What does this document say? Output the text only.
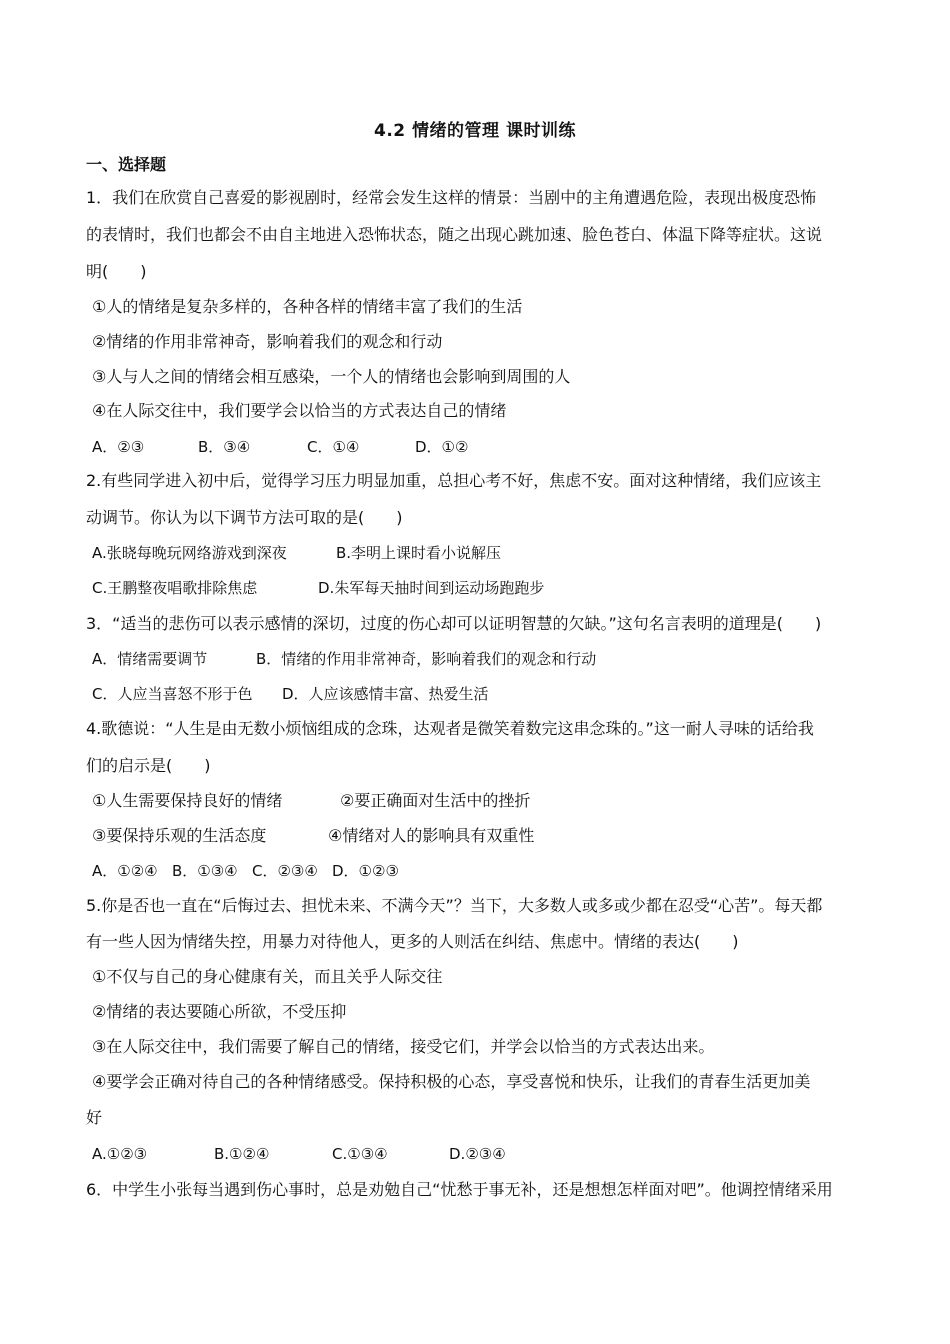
4.2 情绪的管理 课时训练
一、选择题
1．我们在欣赏自己喜爱的影视剧时，经常会发生这样的情景：当剧中的主角遭遇危险，表现出极度恐怖
的表情时，我们也都会不由自主地进入恐怖状态，随之出现心跳加速、脸色苍白、体温下降等症状。这说
明(　　)
①人的情绪是复杂多样的，各种各样的情绪丰富了我们的生活
②情绪的作用非常神奇，影响着我们的观念和行动
③人与人之间的情绪会相互感染，一个人的情绪也会影响到周围的人
④在人际交往中，我们要学会以恰当的方式表达自己的情绪
A．②③	B．③④	C．①④	D．①②
2.有些同学进入初中后，觉得学习压力明显加重，总担心考不好，焦虑不安。面对这种情绪，我们应该主
动调节。你认为以下调节方法可取的是(　　)
A.张晓每晚玩网络游戏到深夜	B.李明上课时看小说解压
C.王鹏整夜唱歌排除焦虑	D.朱军每天抽时间到运动场跑跑步
3．“适当的悲伤可以表示感情的深切，过度的伤心却可以证明智慧的欠缺。”这句名言表明的道理是(　　)
A．情绪需要调节	B．情绪的作用非常神奇，影响着我们的观念和行动
C．人应当喜怒不形于色 D．人应该感情丰富、热爱生活
4.歌德说：“人生是由无数小烦恼组成的念珠，达观者是微笑着数完这串念珠的。”这一耐人寻味的话给我
们的启示是(　　)
①人生需要保持良好的情绪	②要正确面对生活中的挫折
③要保持乐观的生活态度	④情绪对人的影响具有双重性
A．①②④ B．①③④ C．②③④ D．①②③
5.你是否也一直在“后悔过去、担忧未来、不满今天”？当下，大多数人或多或少都在忍受“心苦”。每天都
有一些人因为情绪失控，用暴力对待他人，更多的人则活在纠结、焦虑中。情绪的表达(　　)
①不仅与自己的身心健康有关，而且关乎人际交往
②情绪的表达要随心所欲，不受压抑
③在人际交往中，我们需要了解自己的情绪，接受它们，并学会以恰当的方式表达出来。
④要学会正确对待自己的各种情绪感受。保持积极的心态，享受喜悦和快乐，让我们的青春生活更加美
好
A.①②③	B.①②④	C.①③④	D.②③④
6．中学生小张每当遇到伤心事时，总是劝勉自己“忧愁于事无补，还是想想怎样面对吧”。他调控情绪采用
